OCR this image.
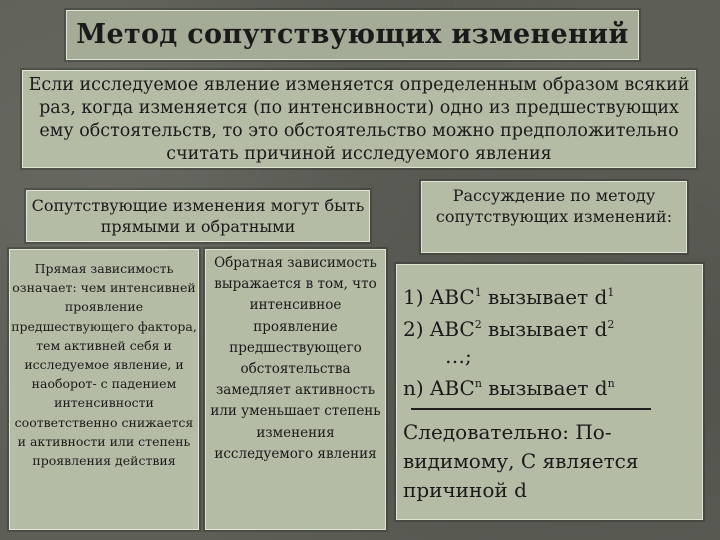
Метод сопутствующих изменений
Если исследуемое явление изменяется определенным образом всякий раз, когда изменяется (по интенсивности) одно из предшествующих ему обстоятельств, то это обстоятельство можно предположительно считать причиной исследуемого явления
Сопутствующие изменения могут быть прямыми и обратными
Рассуждение по методу сопутствующих изменений:
Прямая зависимость означает: чем интенсивней проявление предшествующего фактора, тем активней себя и исследуемое явление, и наоборот- с падением интенсивности соответственно снижается и активности или степень проявления действия
Обратная зависимость выражается в том, что интенсивное проявление предшествующего обстоятельства замедляет активность или уменьшает степень изменения исследуемого явления
1) ABC$^1$ вызывает $d^1$
2) ABC$^2$ вызывает $d^2$
…;
n) ABC$^n$ вызывает $d^n$
Следовательно: По-видимому, С является причиной d
